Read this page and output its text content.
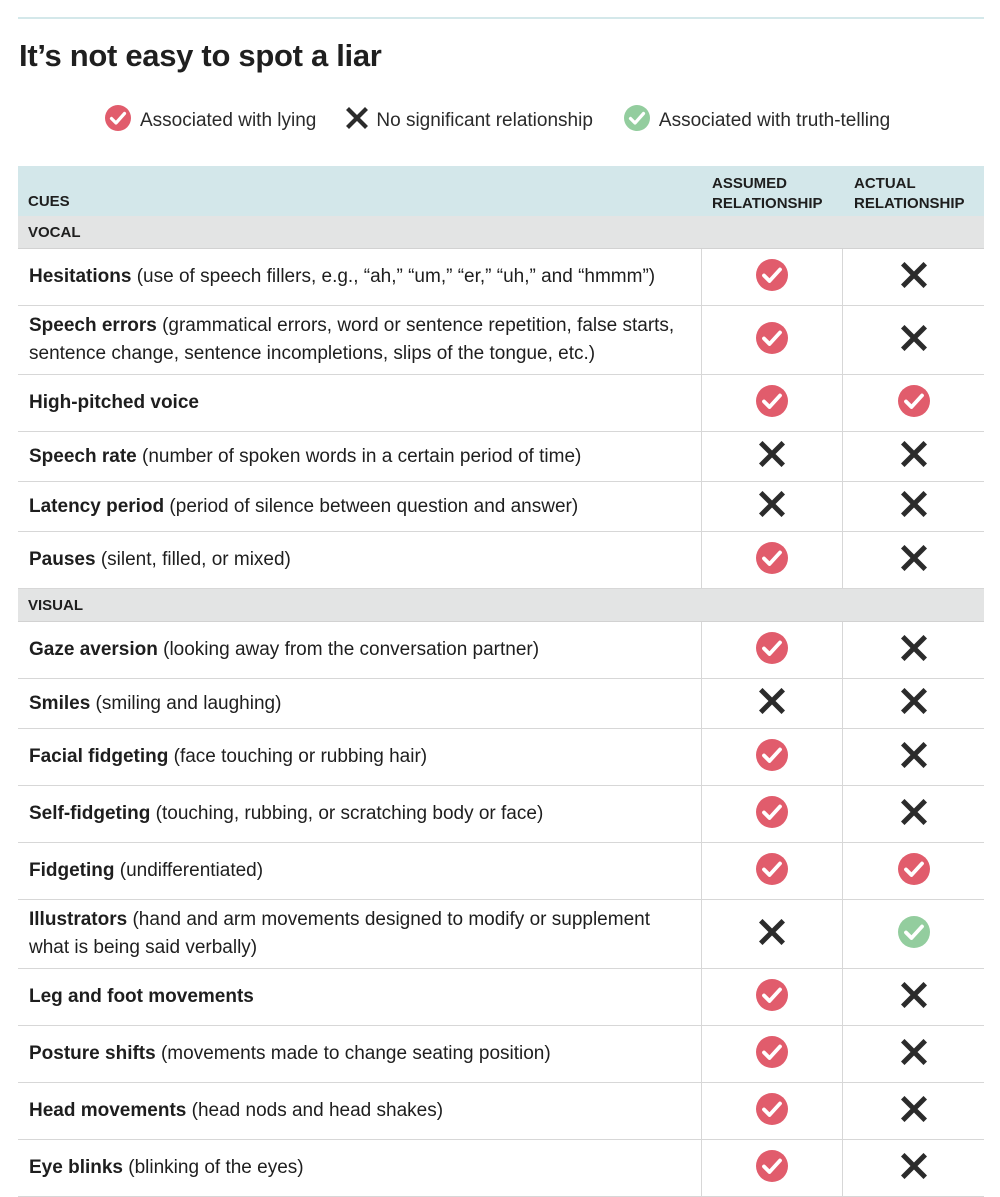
It’s not easy to spot a liar
Associated with lying	No significant relationship	Associated with truth-telling
CUES
ASSUMED
RELATIONSHIP
ACTUAL
RELATIONSHIP
VOCAL
Hesitations (use of speech fillers, e.g., “ah,” “um,” “er,” “uh,” and “hmmm”)
Speech errors (grammatical errors, word or sentence repetition, false starts, sentence change, sentence incompletions, slips of the tongue, etc.)
High-pitched voice
Speech rate (number of spoken words in a certain period of time)
Latency period (period of silence between question and answer)
Pauses (silent, filled, or mixed)
VISUAL
Gaze aversion (looking away from the conversation partner)
Smiles (smiling and laughing)
Facial fidgeting (face touching or rubbing hair)
Self-fidgeting (touching, rubbing, or scratching body or face)
Fidgeting (undifferentiated)
Illustrators (hand and arm movements designed to modify or supplement what is being said verbally)
Leg and foot movements
Posture shifts (movements made to change seating position)
Head movements (head nods and head shakes)
Eye blinks (blinking of the eyes)
